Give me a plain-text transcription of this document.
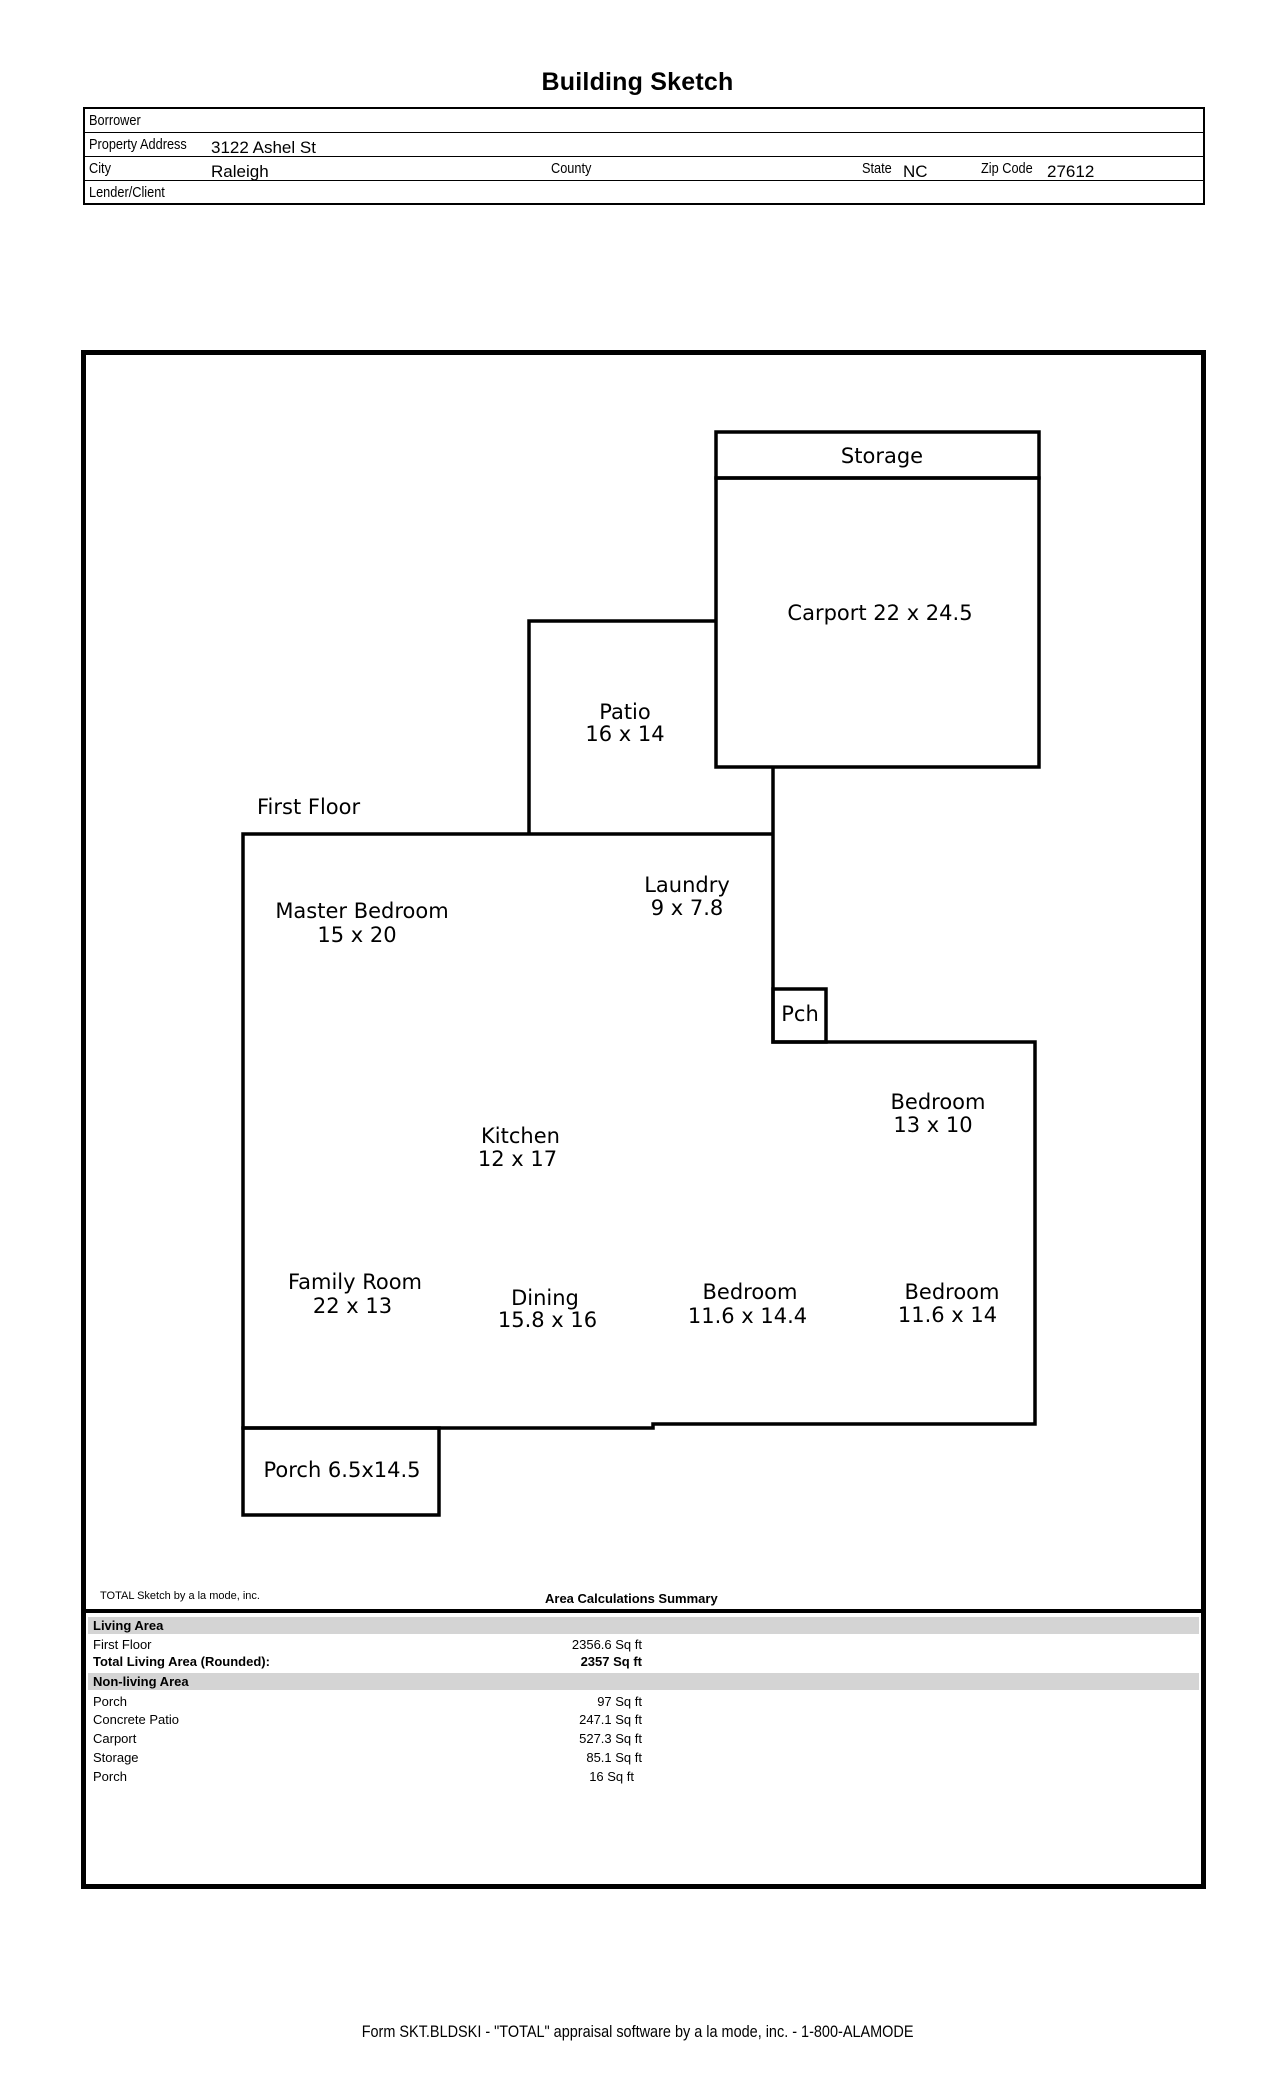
Building Sketch
Borrower
Property Address 3122 Ashel St
City	Raleigh	County	State NC	Zip Code 27612
Lender/Client
Storage
Carport 22 x 24.5
Patio
16 x 14
First Floor
Laundry
9 x 7.8
Master Bedroom
15 x 20
Pch
Bedroom
13 x 10
Kitchen
12 x 17
Family Room
22 x 13	Dining
15.8 x 16
Bedroom
11.6 x 14.4
Bedroom
11.6 x 14
Porch 6.5x14.5
TOTAL Sketch by a la mode, inc.	Area Calculations Summary
Living Area
First Floor	2356.6 Sq ft
Total Living Area (Rounded):	2357 Sq ft
Non-living Area
Porch	97 Sq ft
Concrete Patio	247.1 Sq ft
Carport	527.3 Sq ft
Storage	85.1 Sq ft
Porch	16 Sq ft
Form SKT.BLDSKI - "TOTAL" appraisal software by a la mode, inc. - 1-800-ALAMODE
